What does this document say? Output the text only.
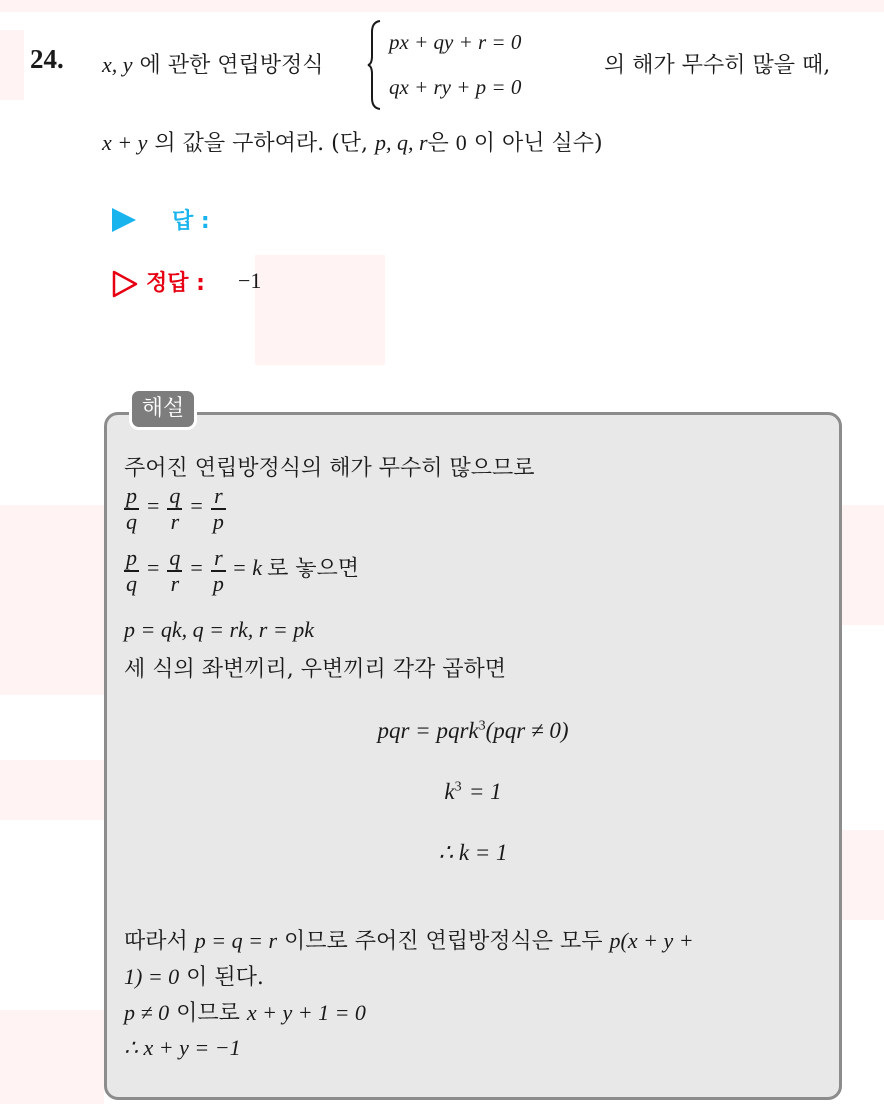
24. x, y 에 관한 연립방정식
px + qy + r = 0
qx + ry + p = 0
의 해가 무수히 많을 때,
x + y 의 값을 구하여라. (단, p, q, r은 0 이 아닌 실수)
답 :
정답 : −1
해설
주어진 연립방정식의 해가 무수히 많으므로
$\frac{p}{q} = \frac{q}{r} = \frac{r}{p}$
$\frac{p}{q} = \frac{q}{r} = \frac{r}{p} = k$ 로 놓으면
p = qk, q = rk, r = pk
세 식의 좌변끼리, 우변끼리 각각 곱하면
pqr = pqrk$^3$(pqr ≠ 0)
$k^3 = 1$
∴ k = 1
따라서 p = q = r 이므로 주어진 연립방정식은 모두 p(x + y +
1) = 0 이 된다.
p ≠ 0 이므로 x + y + 1 = 0
∴ x + y = −1
